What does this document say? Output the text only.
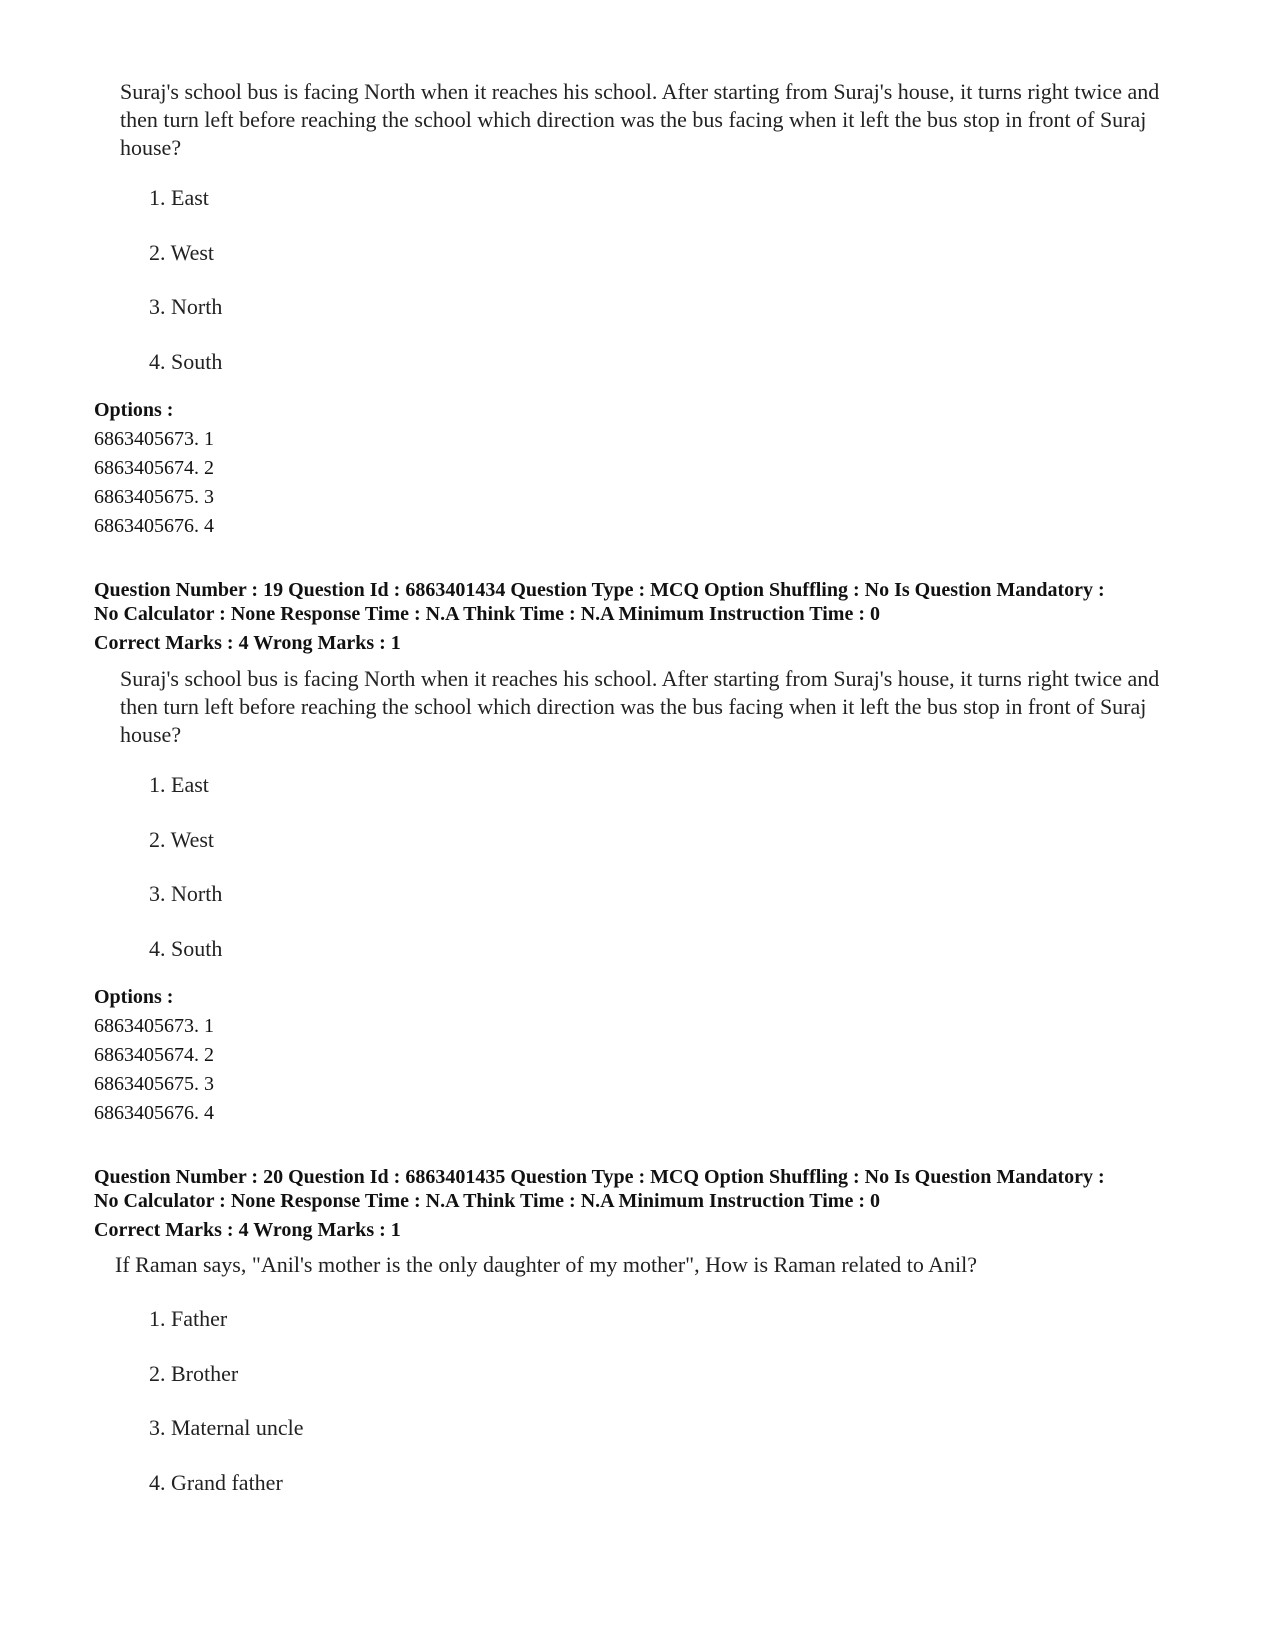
Suraj's school bus is facing North when it reaches his school. After starting from Suraj's house, it turns right twice and then turn left before reaching the school which direction was the bus facing when it left the bus stop in front of Suraj house?
1. East
2. West
3. North
4. South
Options :
6863405673. 1
6863405674. 2
6863405675. 3
6863405676. 4
Question Number : 19 Question Id : 6863401434 Question Type : MCQ Option Shuffling : No Is Question Mandatory :
No Calculator : None Response Time : N.A Think Time : N.A Minimum Instruction Time : 0
Correct Marks : 4 Wrong Marks : 1
Suraj's school bus is facing North when it reaches his school. After starting from Suraj's house, it turns right twice and then turn left before reaching the school which direction was the bus facing when it left the bus stop in front of Suraj house?
1. East
2. West
3. North
4. South
Options :
6863405673. 1
6863405674. 2
6863405675. 3
6863405676. 4
Question Number : 20 Question Id : 6863401435 Question Type : MCQ Option Shuffling : No Is Question Mandatory :
No Calculator : None Response Time : N.A Think Time : N.A Minimum Instruction Time : 0
Correct Marks : 4 Wrong Marks : 1
If Raman says, "Anil's mother is the only daughter of my mother", How is Raman related to Anil?
1. Father
2. Brother
3. Maternal uncle
4. Grand father
